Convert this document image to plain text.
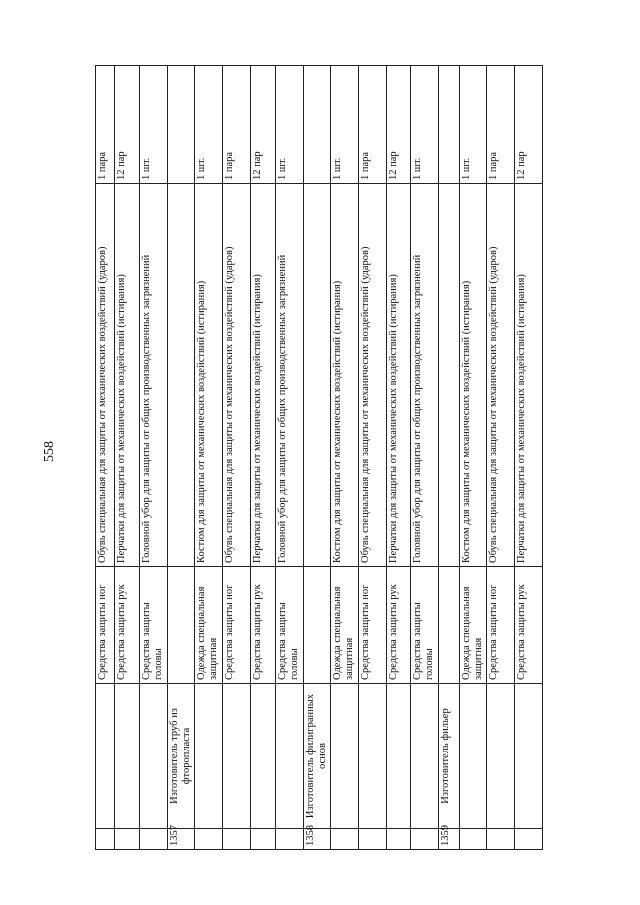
558
		Средства защиты ног	Обувь специальная для защиты от механических воздействий (ударов)	1 пара
		Средства защиты рук	Перчатки для защиты от механических воздействий (истирания)	12 пар
		Средства защиты головы	Головной убор для защиты от общих производственных загрязнений	1 шт.
1357	Изготовитель труб из фторопласта			
		Одежда специальная защитная	Костюм для защиты от механических воздействий (истирания)	1 шт.
		Средства защиты ног	Обувь специальная для защиты от механических воздействий (ударов)	1 пара
		Средства защиты рук	Перчатки для защиты от механических воздействий (истирания)	12 пар
		Средства защиты головы	Головной убор для защиты от общих производственных загрязнений	1 шт.
1358	Изготовитель филигранных основ			
		Одежда специальная защитная	Костюм для защиты от механических воздействий (истирания)	1 шт.
		Средства защиты ног	Обувь специальная для защиты от механических воздействий (ударов)	1 пара
		Средства защиты рук	Перчатки для защиты от механических воздействий (истирания)	12 пар
		Средства защиты головы	Головной убор для защиты от общих производственных загрязнений	1 шт.
1359	Изготовитель фильер			
		Одежда специальная защитная	Костюм для защиты от механических воздействий (истирания)	1 шт.
		Средства защиты ног	Обувь специальная для защиты от механических воздействий (ударов)	1 пара
		Средства защиты рук	Перчатки для защиты от механических воздействий (истирания)	12 пар
